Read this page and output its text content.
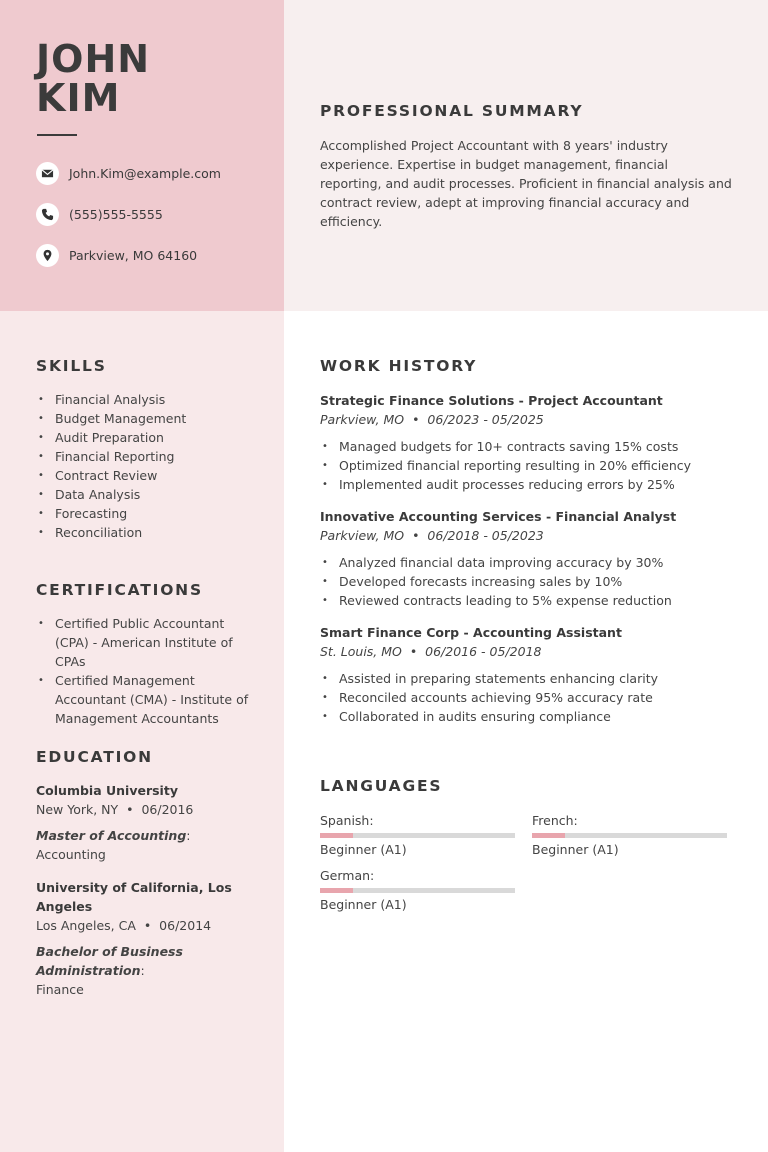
JOHN
KIM
John.Kim@example.com
(555)555-5555
Parkview, MO 64160
PROFESSIONAL SUMMARY
Accomplished Project Accountant with 8 years' industry experience. Expertise in budget management, financial reporting, and audit processes. Proficient in financial analysis and contract review, adept at improving financial accuracy and efficiency.
SKILLS
• Financial Analysis
• Budget Management
• Audit Preparation
• Financial Reporting
• Contract Review
• Data Analysis
• Forecasting
• Reconciliation
CERTIFICATIONS
• Certified Public Accountant (CPA) - American Institute of CPAs
• Certified Management Accountant (CMA) - Institute of Management Accountants
EDUCATION
Columbia University
New York, NY  •  06/2016
Master of Accounting: Accounting
University of California, Los Angeles
Los Angeles, CA  •  06/2014
Bachelor of Business Administration: Finance
WORK HISTORY
Strategic Finance Solutions - Project Accountant
Parkview, MO  •  06/2023 - 05/2025
• Managed budgets for 10+ contracts saving 15% costs
• Optimized financial reporting resulting in 20% efficiency
• Implemented audit processes reducing errors by 25%
Innovative Accounting Services - Financial Analyst
Parkview, MO  •  06/2018 - 05/2023
• Analyzed financial data improving accuracy by 30%
• Developed forecasts increasing sales by 10%
• Reviewed contracts leading to 5% expense reduction
Smart Finance Corp - Accounting Assistant
St. Louis, MO  •  06/2016 - 05/2018
• Assisted in preparing statements enhancing clarity
• Reconciled accounts achieving 95% accuracy rate
• Collaborated in audits ensuring compliance
LANGUAGES
Spanish:
Beginner (A1)
French:
Beginner (A1)
German:
Beginner (A1)
